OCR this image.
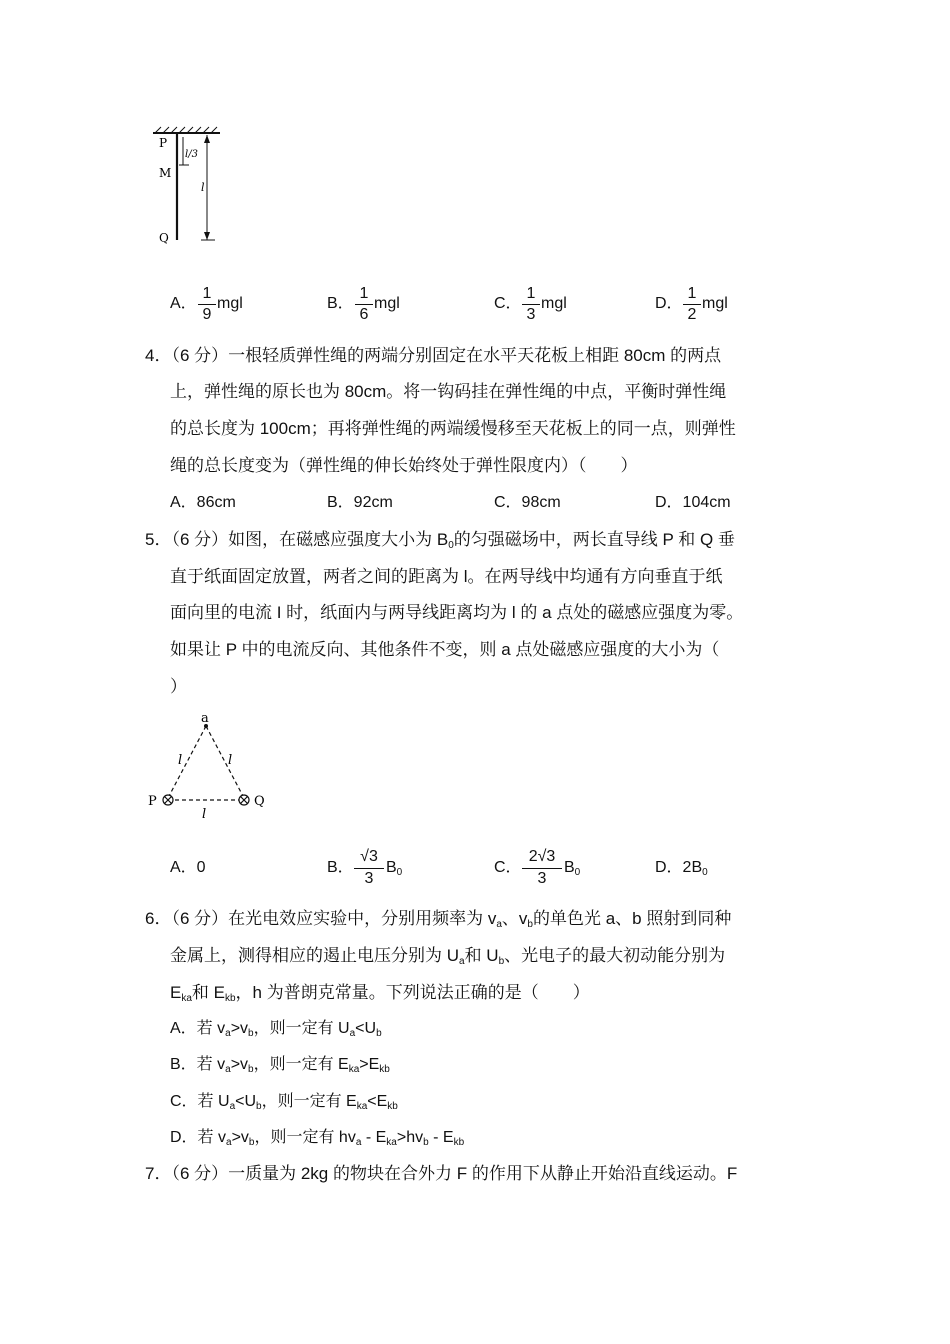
P
M
Q
l/3
l
A．
1
9
mgl	B．
1
6
mgl	C．
1
3
mgl	D．
1
2
mgl
4．（6 分）一根轻质弹性绳的两端分别固定在水平天花板上相距 80cm 的两点
上，弹性绳的原长也为 80cm。将一钩码挂在弹性绳的中点，平衡时弹性绳
的总长度为 100cm；再将弹性绳的两端缓慢移至天花板上的同一点，则弹性
绳的总长度变为（弹性绳的伸长始终处于弹性限度内）（　　）
A．86cm	B．92cm	C．98cm	D．104cm
5．（6 分）如图，在磁感应强度大小为 $B_0$的匀强磁场中，两长直导线 P 和 Q 垂
直于纸面固定放置，两者之间的距离为 l。在两导线中均通有方向垂直于纸
面向里的电流 I 时，纸面内与两导线距离均为 l 的 a 点处的磁感应强度为零。
如果让 P 中的电流反向、其他条件不变，则 a 点处磁感应强度的大小为（
）
a
P	Q
l	l
l
A．0	B．
√3
3
$B_0$	C．
2√3
3
$B_0$	D．$2B_0$
6．（6 分）在光电效应实验中，分别用频率为 $v_a$、$v_b$的单色光 a、b 照射到同种
金属上，测得相应的遏止电压分别为 $U_a$和 $U_b$、光电子的最大初动能分别为
$E_{ka}$和 $E_{kb}$，h 为普朗克常量。下列说法正确的是（　　）
A．若 $v_a>v_b$，则一定有 $U_a<U_b$
B．若 $v_a>v_b$，则一定有 $E_{ka}>E_{kb}$
C．若 $U_a<U_b$，则一定有 $E_{ka}<E_{kb}$
D．若 $v_a>v_b$，则一定有 $hv_a - E_{ka}>hv_b - E_{kb}$
7．（6 分）一质量为 2kg 的物块在合外力 F 的作用下从静止开始沿直线运动。F
